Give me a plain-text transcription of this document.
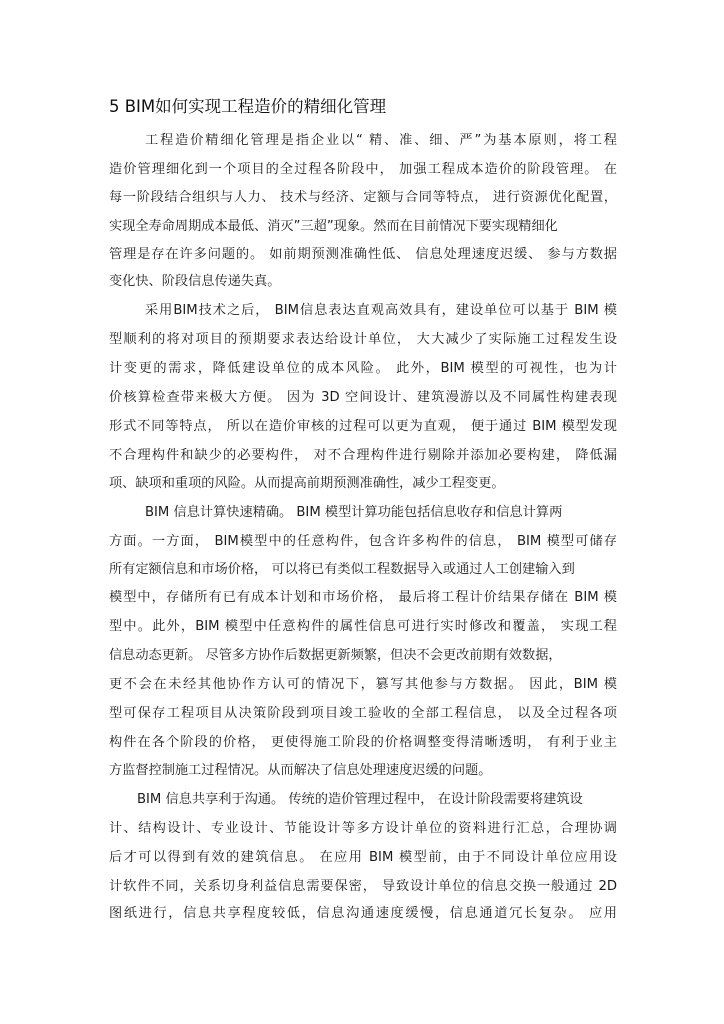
5 BIM如何实现工程造价的精细化管理
工程造价精细化管理是指企业以“ 精、准、细、严”为基本原则，将工程
造价管理细化到一个项目的全过程各阶段中， 加强工程成本造价的阶段管理。 在
每一阶段结合组织与人力、 技术与经济、定额与合同等特点， 进行资源优化配置，
实现全寿命周期成本最低、消灭”三超”现象。然而在目前情况下要实现精细化
管理是存在许多问题的。 如前期预测准确性低、 信息处理速度迟缓、 参与方数据
变化快、阶段信息传递失真。
采用BIM技术之后， BIM信息表达直观高效具有，建设单位可以基于 BIM 模
型顺利的将对项目的预期要求表达给设计单位， 大大减少了实际施工过程发生设
计变更的需求，降低建设单位的成本风险。 此外，BIM 模型的可视性，也为计
价核算检查带来极大方便。 因为 3D 空间设计、建筑漫游以及不同属性构建表现
形式不同等特点， 所以在造价审核的过程可以更为直观， 便于通过 BIM 模型发现
不合理构件和缺少的必要构件， 对不合理构件进行剔除并添加必要构建， 降低漏
项、缺项和重项的风险。从而提高前期预测准确性，减少工程变更。
BIM 信息计算快速精确。 BIM 模型计算功能包括信息收存和信息计算两
方面。一方面， BIM模型中的任意构件，包含许多构件的信息， BIM 模型可储存
所有定额信息和市场价格， 可以将已有类似工程数据导入或通过人工创建输入到
模型中，存储所有已有成本计划和市场价格， 最后将工程计价结果存储在 BIM 模
型中。此外，BIM 模型中任意构件的属性信息可进行实时修改和覆盖， 实现工程
信息动态更新。 尽管多方协作后数据更新频繁，但决不会更改前期有效数据，
更不会在未经其他协作方认可的情况下，篡写其他参与方数据。 因此，BIM 模
型可保存工程项目从决策阶段到项目竣工验收的全部工程信息， 以及全过程各项
构件在各个阶段的价格， 更使得施工阶段的价格调整变得清晰透明， 有利于业主
方监督控制施工过程情况。从而解决了信息处理速度迟缓的问题。
BIM 信息共享利于沟通。 传统的造价管理过程中， 在设计阶段需要将建筑设
计、结构设计、专业设计、节能设计等多方设计单位的资料进行汇总，合理协调
后才可以得到有效的建筑信息。 在应用 BIM 模型前，由于不同设计单位应用设
计软件不同，关系切身利益信息需要保密， 导致设计单位的信息交换一般通过 2D
图纸进行，信息共享程度较低，信息沟通速度缓慢，信息通道冗长复杂。 应用
